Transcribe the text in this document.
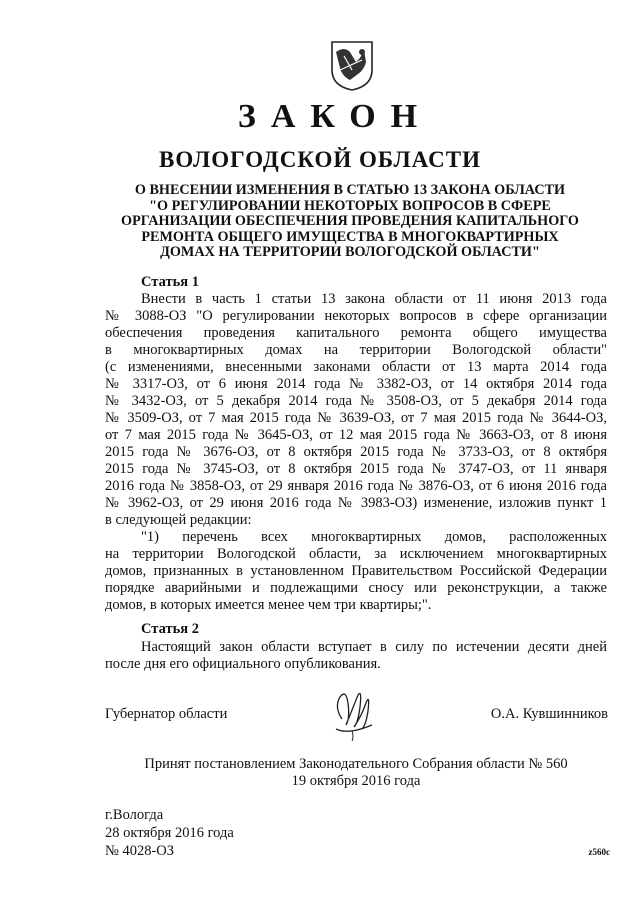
ЗАКОН
ВОЛОГОДСКОЙ ОБЛАСТИ
О ВНЕСЕНИИ ИЗМЕНЕНИЯ В СТАТЬЮ 13 ЗАКОНА ОБЛАСТИ
"О РЕГУЛИРОВАНИИ НЕКОТОРЫХ ВОПРОСОВ В СФЕРЕ
ОРГАНИЗАЦИИ ОБЕСПЕЧЕНИЯ ПРОВЕДЕНИЯ КАПИТАЛЬНОГО
РЕМОНТА ОБЩЕГО ИМУЩЕСТВА В МНОГОКВАРТИРНЫХ
ДОМАХ НА ТЕРРИТОРИИ ВОЛОГОДСКОЙ ОБЛАСТИ"
Статья 1
Внести в часть 1 статьи 13 закона области от 11 июня 2013 года
№ 3088-ОЗ "О регулировании некоторых вопросов в сфере организации
обеспечения проведения капитального ремонта общего имущества
в многоквартирных домах на территории Вологодской области"
(с изменениями, внесенными законами области от 13 марта 2014 года
№ 3317-ОЗ, от 6 июня 2014 года № 3382-ОЗ, от 14 октября 2014 года
№ 3432-ОЗ, от 5 декабря 2014 года № 3508-ОЗ, от 5 декабря 2014 года
№ 3509-ОЗ, от 7 мая 2015 года № 3639-ОЗ, от 7 мая 2015 года № 3644-ОЗ,
от 7 мая 2015 года № 3645-ОЗ, от 12 мая 2015 года № 3663-ОЗ, от 8 июня
2015 года № 3676-ОЗ, от 8 октября 2015 года № 3733-ОЗ, от 8 октября
2015 года № 3745-ОЗ, от 8 октября 2015 года № 3747-ОЗ, от 11 января
2016 года № 3858-ОЗ, от 29 января 2016 года № 3876-ОЗ, от 6 июня 2016 года
№ 3962-ОЗ, от 29 июня 2016 года № 3983-ОЗ) изменение, изложив пункт 1
в следующей редакции:
"1) перечень всех многоквартирных домов, расположенных
на территории Вологодской области, за исключением многоквартирных
домов, признанных в установленном Правительством Российской Федерации
порядке аварийными и подлежащими сносу или реконструкции, а также
домов, в которых имеется менее чем три квартиры;".
Статья 2
Настоящий закон области вступает в силу по истечении десяти дней
после дня его официального опубликования.
Губернатор области	О.А. Кувшинников
Принят постановлением Законодательного Собрания области № 560
19 октября 2016 года
г.Вологда
28 октября 2016 года
№ 4028-ОЗ	z560c
